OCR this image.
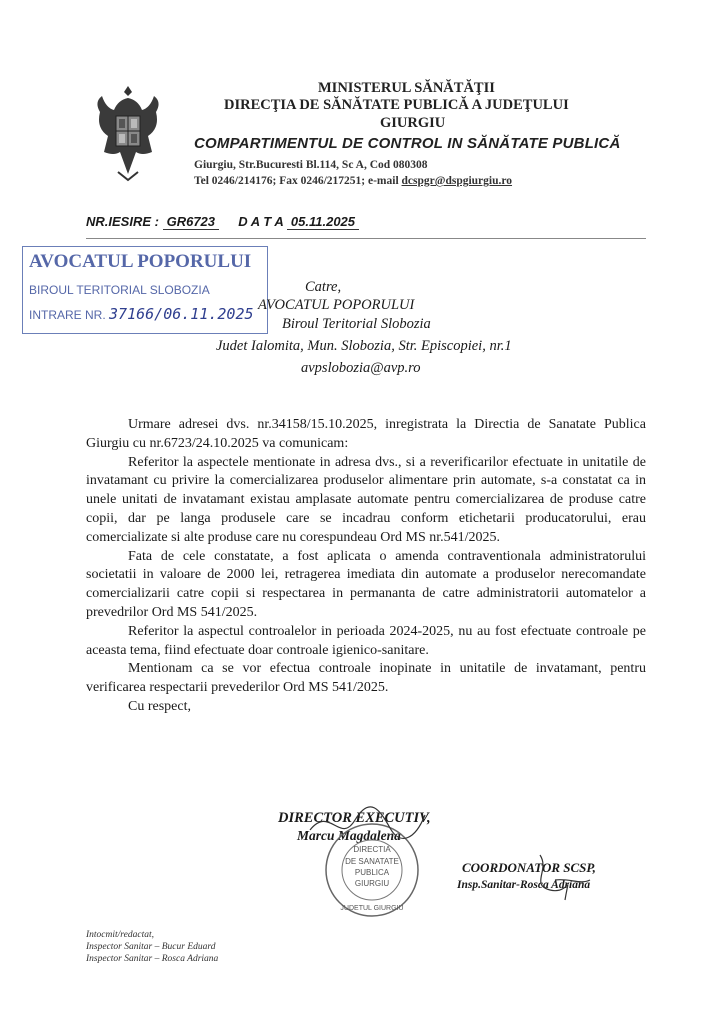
MINISTERUL SĂNĂTĂŢII
DIRECŢIA DE SĂNĂTATE PUBLICĂ A JUDEŢULUI
GIURGIU
COMPARTIMENTUL DE CONTROL IN SĂNĂTATE PUBLICĂ
Giurgiu, Str.Bucuresti Bl.114, Sc A, Cod 080308
Tel 0246/214176; Fax 0246/217251; e-mail dcspgr@dspgiurgiu.ro
NR.IESIRE : GR6723 D A T A 05.11.2025
AVOCATUL POPORULUI
BIROUL TERITORIAL SLOBOZIA
INTRARE NR. 37166/06.11.2025
Catre,
AVOCATUL POPORULUI
Biroul Teritorial Slobozia
Judet Ialomita, Mun. Slobozia, Str. Episcopiei, nr.1
avpslobozia@avp.ro

Urmare adresei dvs. nr.34158/15.10.2025, inregistrata la Directia de Sanatate Publica Giurgiu cu nr.6723/24.10.2025 va comunicam:

Referitor la aspectele mentionate in adresa dvs., si a reverificarilor efectuate in unitatile de invatamant cu privire la comercializarea produselor alimentare prin automate, s-a constatat ca in unele unitati de invatamant existau amplasate automate pentru comercializarea de produse catre copii, dar pe langa produsele care se incadrau conform etichetarii producatorului, erau comercializate si alte produse care nu corespundeau Ord MS nr.541/2025.

Fata de cele constatate, a fost aplicata o amenda contraventionala administratorului societatii in valoare de 2000 lei, retragerea imediata din automate a produselor nerecomandate comercializarii catre copii si respectarea in permananta de catre administratorii automatelor a prevedrilor Ord MS 541/2025.

Referitor la aspectul controalelor in perioada 2024-2025, nu au fost efectuate controale pe aceasta tema, fiind efectuate doar controale igienico-sanitare.

Mentionam ca se vor efectua controale inopinate in unitatile de invatamant, pentru verificarea respectarii prevederilor Ord MS 541/2025.

Cu respect,

DIRECTOR EXECUTIV,
Marcu Magdalena
DIRECTIA
DE SANATATE
PUBLICA
GIURGIU
JUDETUL GIURGIU
COORDONATOR SCSP,
Insp.Sanitar-Rosca Adriana
Intocmit/redactat,
Inspector Sanitar – Bucur Eduard
Inspector Sanitar – Rosca Adriana
